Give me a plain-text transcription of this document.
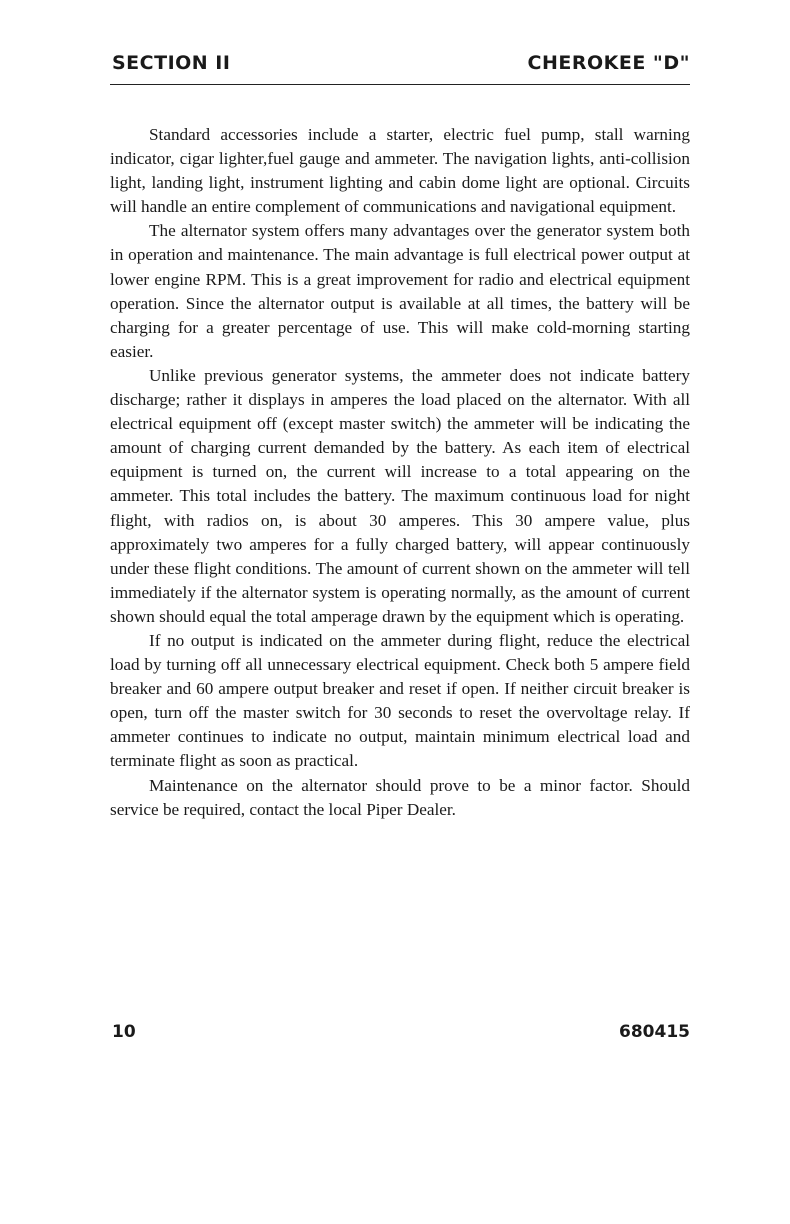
SECTION II	CHEROKEE "D"

Standard accessories include a starter, electric fuel pump, stall warning indicator, cigar lighter,fuel gauge and ammeter. The navigation lights, anti-collision light, landing light, instrument lighting and cabin dome light are optional. Circuits will handle an entire complement of communications and navigational equipment.

The alternator system offers many advantages over the generator system both in operation and maintenance. The main advantage is full electrical power output at lower engine RPM. This is a great improvement for radio and electrical equipment operation. Since the alternator output is available at all times, the battery will be charging for a greater percentage of use. This will make cold-morning starting easier.

Unlike previous generator systems, the ammeter does not indicate battery discharge; rather it displays in amperes the load placed on the alternator. With all electrical equipment off (except master switch) the ammeter will be indicating the amount of charging current demanded by the battery. As each item of electrical equipment is turned on, the current will increase to a total appearing on the ammeter. This total includes the battery. The maximum continuous load for night flight, with radios on, is about 30 amperes. This 30 ampere value, plus approximately two amperes for a fully charged battery, will appear continuously under these flight conditions. The amount of current shown on the ammeter will tell immediately if the alternator system is operating normally, as the amount of current shown should equal the total amperage drawn by the equipment which is operating.

If no output is indicated on the ammeter during flight, reduce the electrical load by turning off all unnecessary electrical equipment. Check both 5 ampere field breaker and 60 ampere output breaker and reset if open. If neither circuit breaker is open, turn off the master switch for 30 seconds to reset the overvoltage relay. If ammeter continues to indicate no output, maintain minimum electrical load and terminate flight as soon as practical.

Maintenance on the alternator should prove to be a minor factor. Should service be required, contact the local Piper Dealer.

10	680415
